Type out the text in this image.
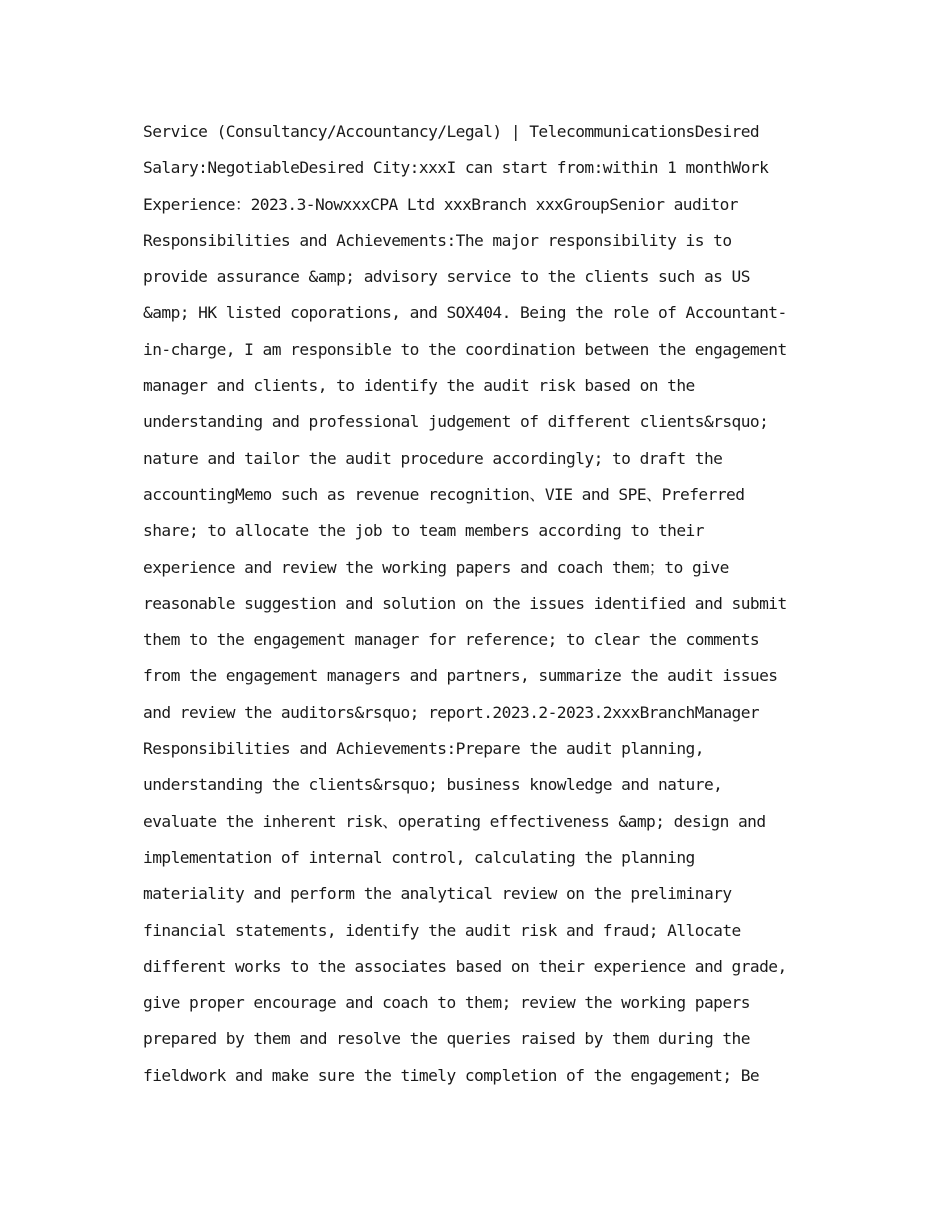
Service (Consultancy/Accountancy/Legal) | TelecommunicationsDesired
Salary:NegotiableDesired City:xxxI can start from:within 1 monthWork
Experience：2023.3-NowxxxCPA Ltd xxxBranch xxxGroupSenior auditor
Responsibilities and Achievements:The major responsibility is to
provide assurance &amp; advisory service to the clients such as US
&amp; HK listed coporations, and SOX404. Being the role of Accountant-
in-charge, I am responsible to the coordination between the engagement
manager and clients, to identify the audit risk based on the
understanding and professional judgement of different clients&rsquo;
nature and tailor the audit procedure accordingly; to draft the
accountingMemo such as revenue recognition、VIE and SPE、Preferred
share; to allocate the job to team members according to their
experience and review the working papers and coach them；to give
reasonable suggestion and solution on the issues identified and submit
them to the engagement manager for reference; to clear the comments
from the engagement managers and partners, summarize the audit issues
and review the auditors&rsquo; report.2023.2-2023.2xxxBranchManager
Responsibilities and Achievements:Prepare the audit planning,
understanding the clients&rsquo; business knowledge and nature,
evaluate the inherent risk、operating effectiveness &amp; design and
implementation of internal control, calculating the planning
materiality and perform the analytical review on the preliminary
financial statements, identify the audit risk and fraud; Allocate
different works to the associates based on their experience and grade,
give proper encourage and coach to them; review the working papers
prepared by them and resolve the queries raised by them during the
fieldwork and make sure the timely completion of the engagement; Be
